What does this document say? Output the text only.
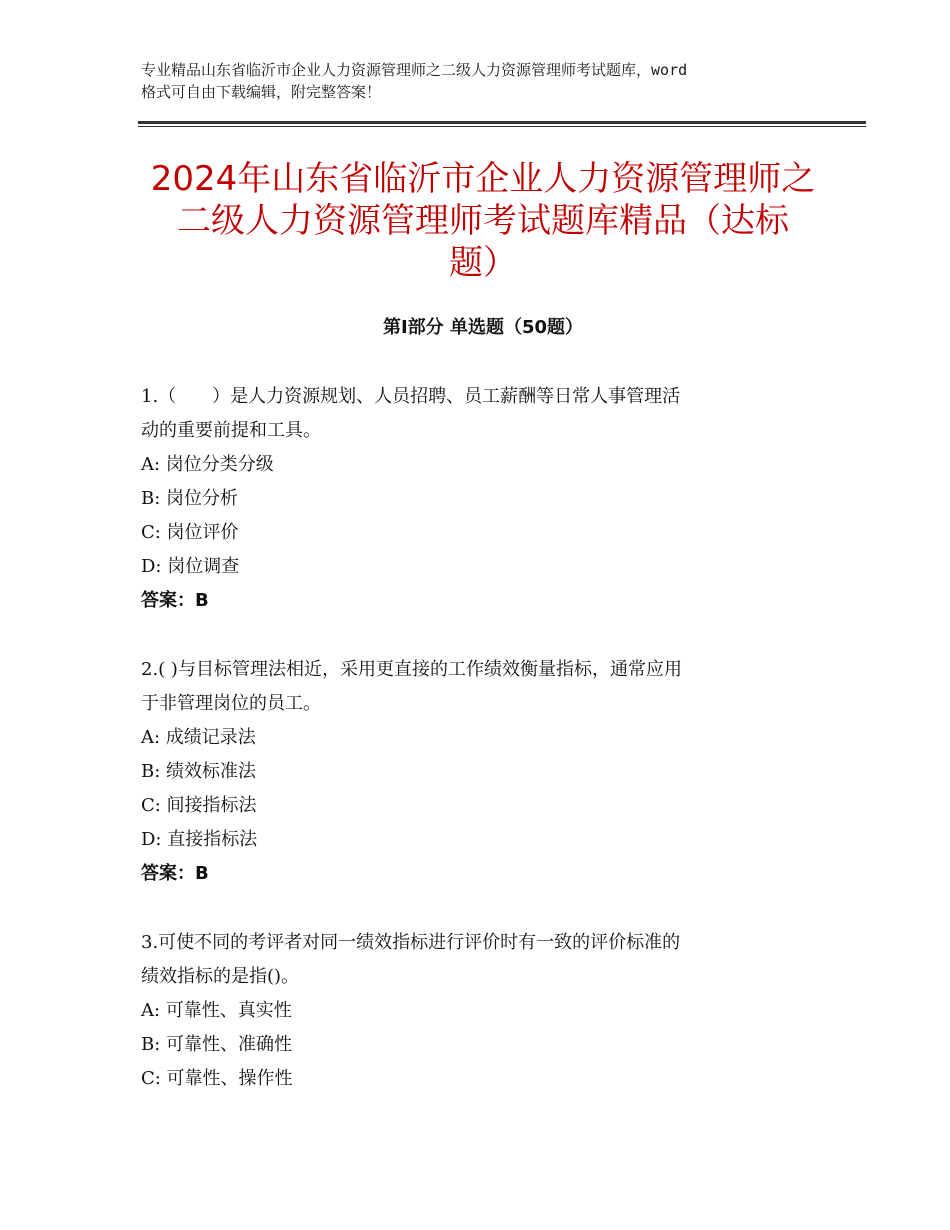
专业精品山东省临沂市企业人力资源管理师之二级人力资源管理师考试题库，word
格式可自由下载编辑，附完整答案！
2024年山东省临沂市企业人力资源管理师之
二级人力资源管理师考试题库精品（达标
题）
第Ⅰ部分 单选题（50题）
1.（　　）是人力资源规划、人员招聘、员工薪酬等日常人事管理活
动的重要前提和工具。
A: 岗位分类分级
B: 岗位分析
C: 岗位评价
D: 岗位调查
答案：B
2.( )与目标管理法相近，采用更直接的工作绩效衡量指标，通常应用
于非管理岗位的员工。
A: 成绩记录法
B: 绩效标准法
C: 间接指标法
D: 直接指标法
答案：B
3.可使不同的考评者对同一绩效指标进行评价时有一致的评价标准的
绩效指标的是指()。
A: 可靠性、真实性
B: 可靠性、准确性
C: 可靠性、操作性
